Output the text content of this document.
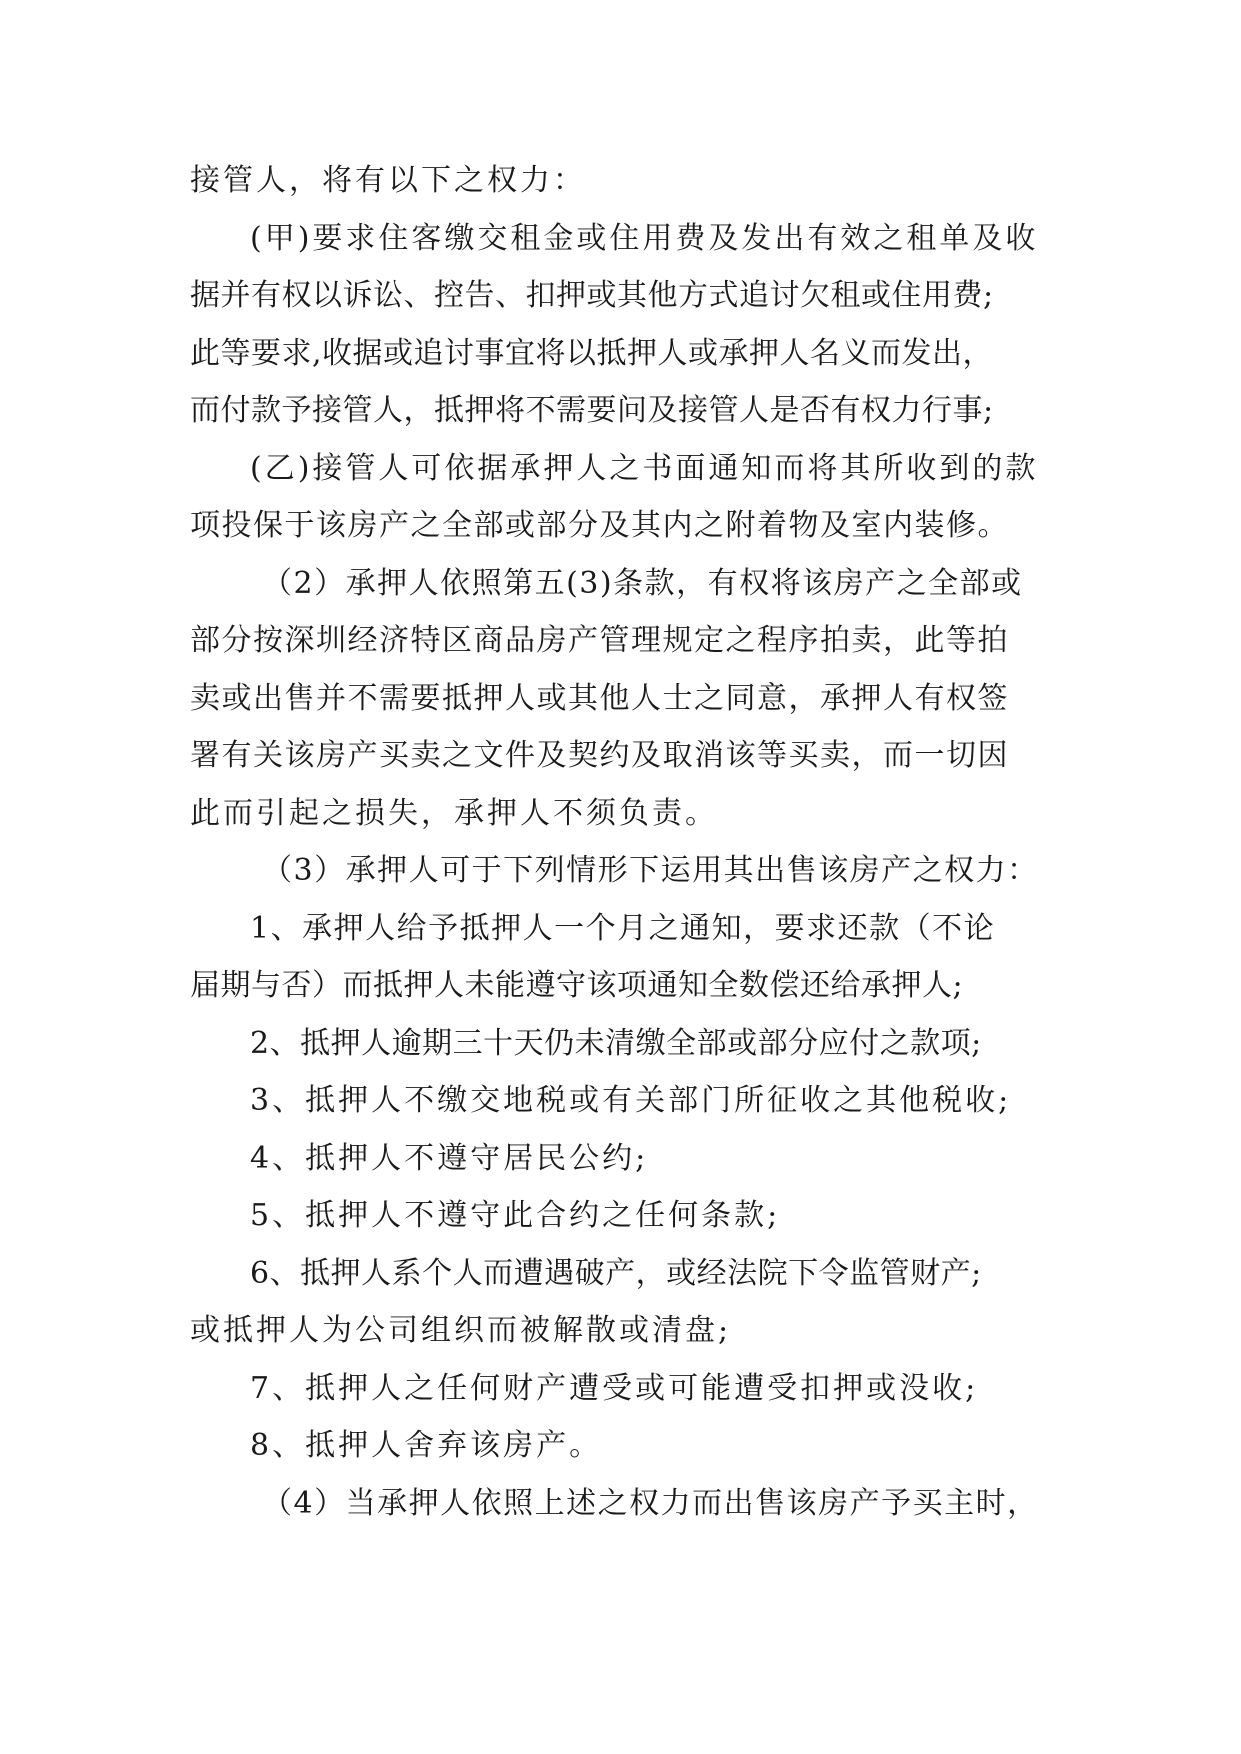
接管人，将有以下之权力：
(甲)要求住客缴交租金或住用费及发出有效之租单及收
据并有权以诉讼、控告、扣押或其他方式追讨欠租或住用费;
此等要求,收据或追讨事宜将以抵押人或承押人名义而发出，
而付款予接管人，抵押将不需要问及接管人是否有权力行事;
(乙)接管人可依据承押人之书面通知而将其所收到的款
项投保于该房产之全部或部分及其内之附着物及室内装修。
（2）承押人依照第五(3)条款，有权将该房产之全部或
部分按深圳经济特区商品房产管理规定之程序拍卖，此等拍
卖或出售并不需要抵押人或其他人士之同意，承押人有权签
署有关该房产买卖之文件及契约及取消该等买卖，而一切因
此而引起之损失，承押人不须负责。
（3）承押人可于下列情形下运用其出售该房产之权力：
1、承押人给予抵押人一个月之通知，要求还款（不论
届期与否）而抵押人未能遵守该项通知全数偿还给承押人;
2、抵押人逾期三十天仍未清缴全部或部分应付之款项;
3、抵押人不缴交地税或有关部门所征收之其他税收;
4、抵押人不遵守居民公约;
5、抵押人不遵守此合约之任何条款;
6、抵押人系个人而遭遇破产，或经法院下令监管财产;
或抵押人为公司组织而被解散或清盘;
7、抵押人之任何财产遭受或可能遭受扣押或没收;
8、抵押人舍弃该房产。
（4）当承押人依照上述之权力而出售该房产予买主时，
